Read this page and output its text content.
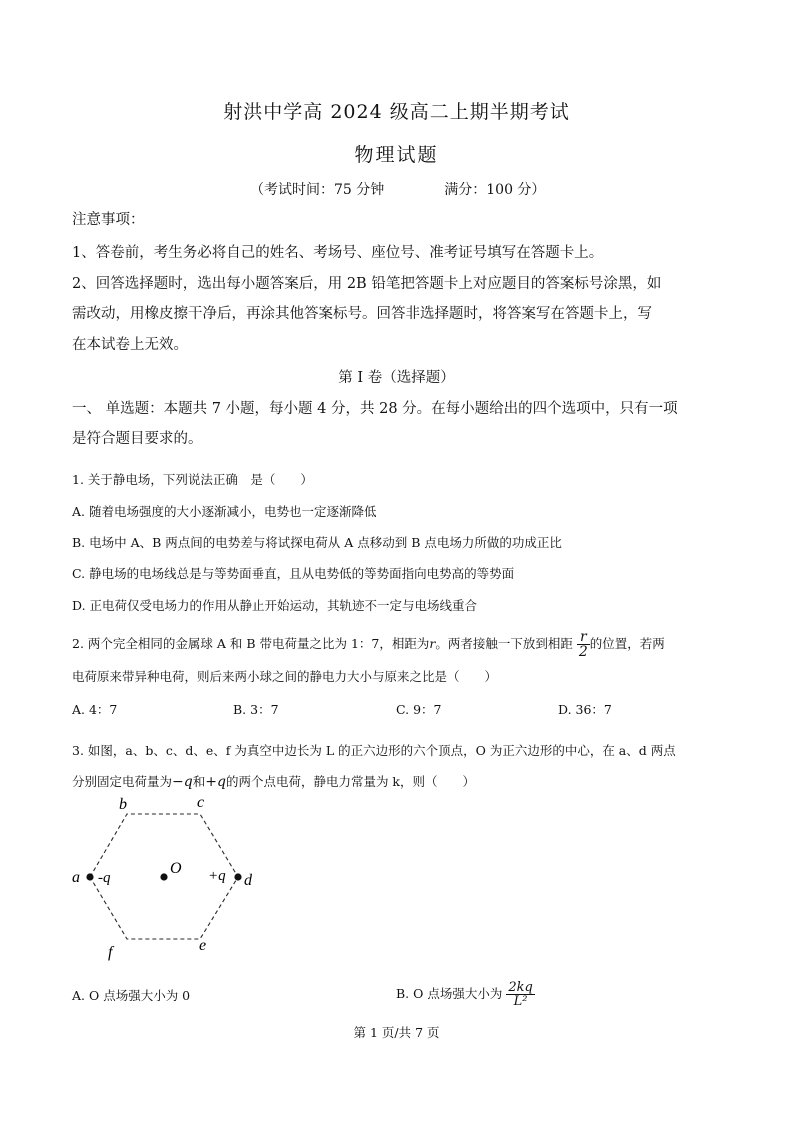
射洪中学高 2024 级高二上期半期考试
物理试题
（考试时间：75 分钟	满分：100 分）
注意事项：
1、答卷前，考生务必将自己的姓名、考场号、座位号、准考证号填写在答题卡上。
2、回答选择题时，选出每小题答案后，用 2B 铅笔把答题卡上对应题目的答案标号涂黑，如
需改动，用橡皮擦干净后，再涂其他答案标号。回答非选择题时，将答案写在答题卡上，写
在本试卷上无效。
第 I 卷（选择题）
一、 单选题：本题共 7 小题，每小题 4 分，共 28 分。在每小题给出的四个选项中，只有一项
是符合题目要求的。
1. 关于静电场，下列说法正确　是（　　）
A. 随着电场强度的大小逐渐减小，电势也一定逐渐降低
B. 电场中 A、B 两点间的电势差与将试探电荷从 A 点移动到 B 点电场力所做的功成正比
C. 静电场的电场线总是与等势面垂直，且从电势低的等势面指向电势高的等势面
D. 正电荷仅受电场力的作用从静止开始运动，其轨迹不一定与电场线重合
2. 两个完全相同的金属球 A 和 B 带电荷量之比为 1：7，相距为r。两者接触一下放到相距 $\frac{r}{2}$ 的位置，若两
电荷原来带异种电荷，则后来两小球之间的静电力大小与原来之比是（　　）
A. 4：7	B. 3：7	C. 9：7	D. 36：7
3. 如图，a、b、c、d、e、f 为真空中边长为 L 的正六边形的六个顶点，O 为正六边形的中心，在 a、d 两点
分别固定电荷量为−q和+q的两个点电荷，静电力常量为 k，则（　　）
a -q
b	c
O +q d
f	e
A. O 点场强大小为 0	B. O 点场强大小为 $\frac{2kq}{\text{L²}}$
第 1 页/共 7 页
